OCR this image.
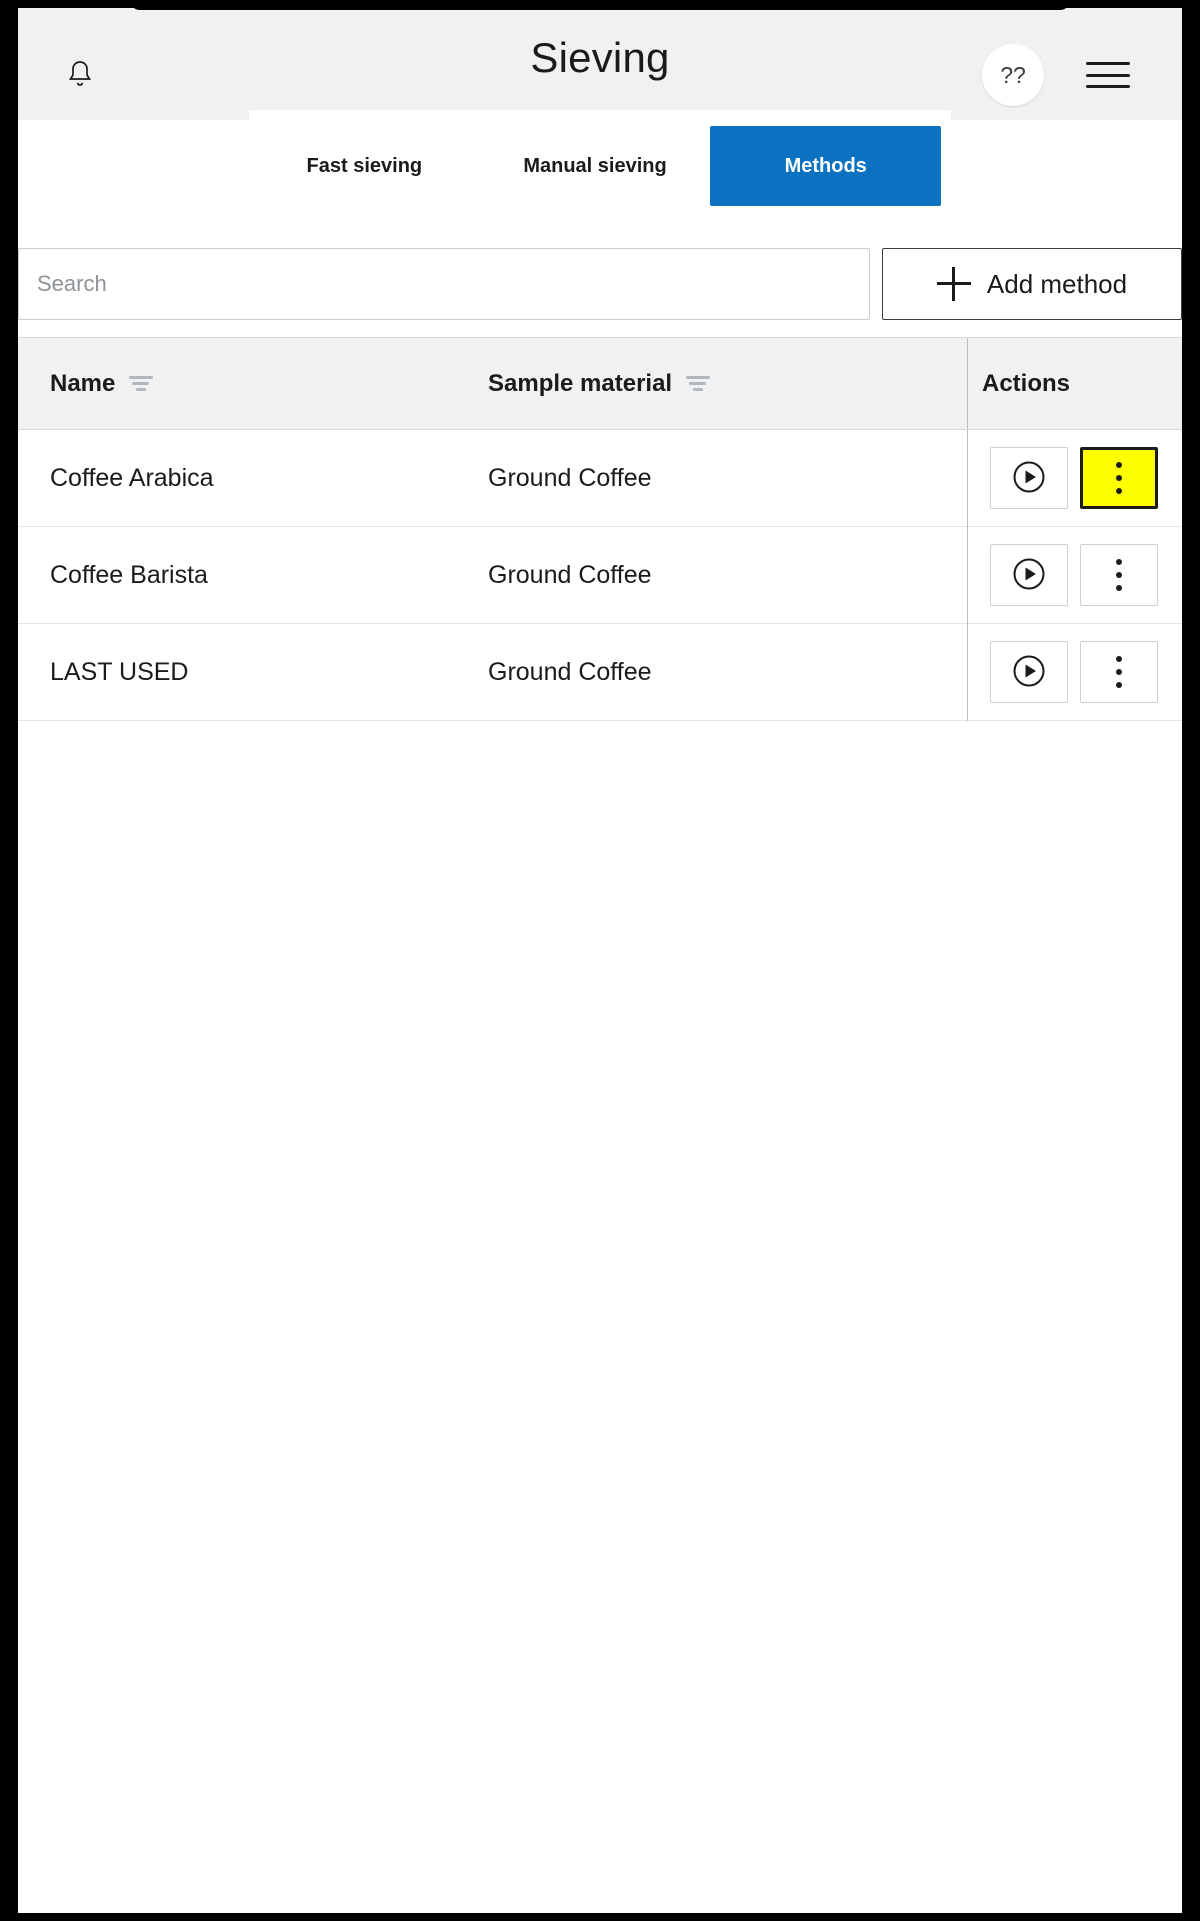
Sieving	??
Fast sieving	Manual sieving	Methods
Search
Add method
Name	Sample material	Actions
Coffee Arabica	Ground Coffee
Coffee Barista	Ground Coffee
LAST USED	Ground Coffee
